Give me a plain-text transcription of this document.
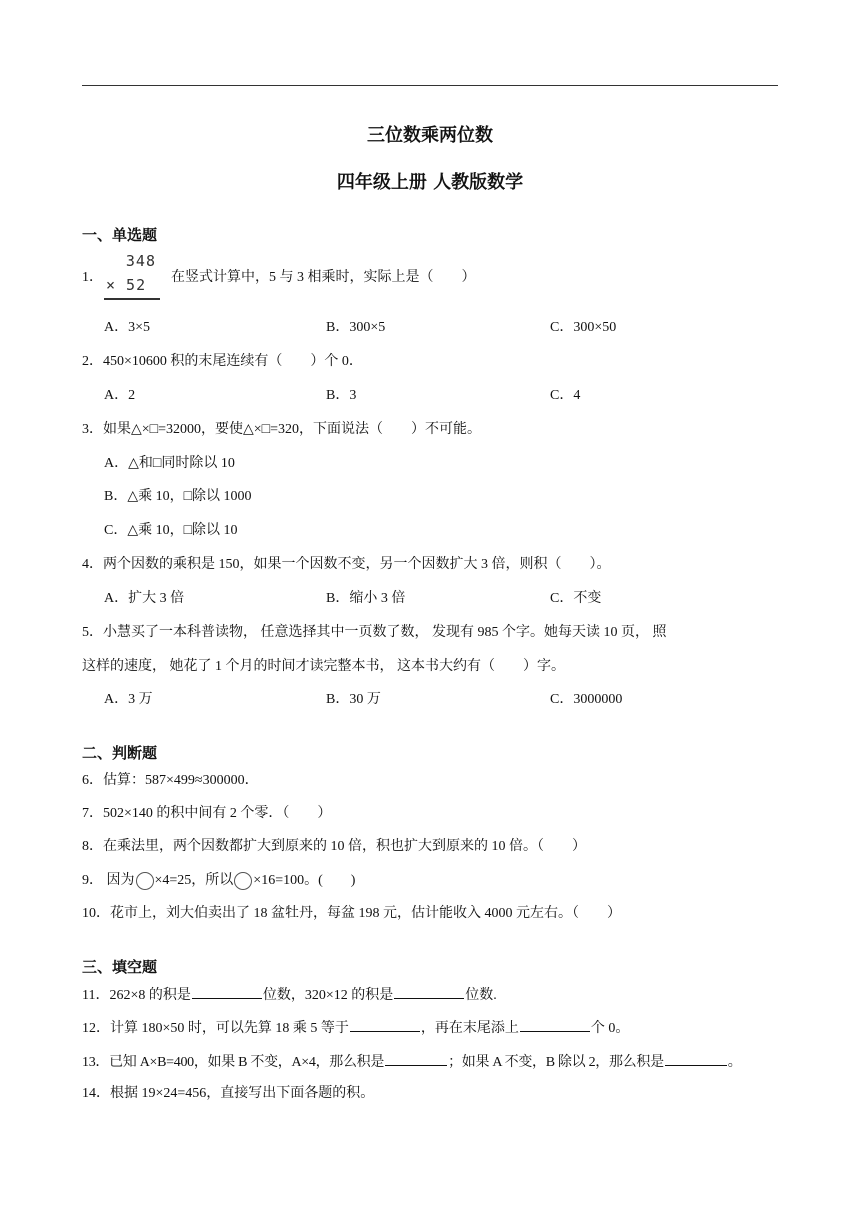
三位数乘两位数
四年级上册 人教版数学
一、单选题
1．
348
× 52	在竖式计算中，5 与 3 相乘时，实际上是（　　）
A．3×5	B．300×5	C．300×50
2．450×10600 积的末尾连续有（　　）个 0．
A．2	B．3	C．4
3．如果△×□=32000，要使△×□=320，下面说法（　　）不可能。
A．△和□同时除以 10
B．△乘 10，□除以 1000
C．△乘 10，□除以 10
4．两个因数的乘积是 150，如果一个因数不变，另一个因数扩大 3 倍，则积（　　）。
A．扩大 3 倍	B．缩小 3 倍	C．不变
5．小慧买了一本科普读物， 任意选择其中一页数了数， 发现有 985 个字。她每天读 10 页， 照
这样的速度， 她花了 1 个月的时间才读完整本书， 这本书大约有（　　）字。
A．3 万	B．30 万	C．3000000
二、判断题
6．估算：587×499≈300000．
7．502×140 的积中间有 2 个零．（　　）
8．在乘法里，两个因数都扩大到原来的 10 倍，积也扩大到原来的 10 倍。（　　）
9． 因为 ×4=25，所以 ×16=100。(　　)
10．花市上，刘大伯卖出了 18 盆牡丹，每盆 198 元，估计能收入 4000 元左右。（　　）
三、填空题
11．262×8 的积是	位数，320×12 的积是	位数.
12．计算 180×50 时，可以先算 18 乘 5 等于	，再在末尾添上	个 0。
13．已知 A×B=400，如果 B 不变，A×4，那么积是	；如果 A 不变，B 除以 2，那么积是	。
14．根据 19×24=456，直接写出下面各题的积。
